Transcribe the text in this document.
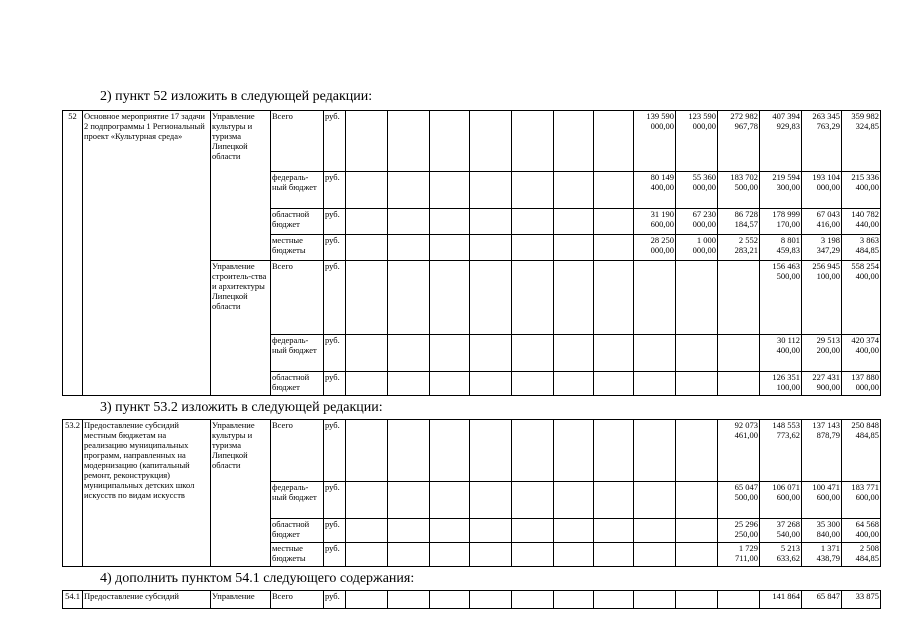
2) пункт 52 изложить в следующей редакции:
52	Основное мероприятие 17 задачи 2 подпрограммы 1 Региональный проект «Культурная среда»	Управление культуры и туризма Липецкой области	Всего	руб.								139 590 000,00	123 590 000,00	272 982 967,78	407 394 929,83	263 345 763,29	359 982 324,85
			федераль-ный бюджет	руб.								80 149 400,00	55 360 000,00	183 702 500,00	219 594 300,00	193 104 000,00	215 336 400,00
			областной бюджет	руб.								31 190 600,00	67 230 000,00	86 728 184,57	178 999 170,00	67 043 416,00	140 782 440,00
			местные бюджеты	руб.								28 250 000,00	1 000 000,00	2 552 283,21	8 801 459,83	3 198 347,29	3 863 484,85
		Управление строитель-ства и архитектуры Липецкой области	Всего	руб.											156 463 500,00	256 945 100,00	558 254 400,00
			федераль-ный бюджет	руб.											30 112 400,00	29 513 200,00	420 374 400,00
			областной бюджет	руб.											126 351 100,00	227 431 900,00	137 880 000,00
3) пункт 53.2 изложить в следующей редакции:
53.2	Предоставление субсидий местным бюджетам на реализацию муниципальных программ, направленных на модернизацию (капитальный ремонт, реконструкция) муниципальных детских школ искусств по видам искусств	Управление культуры и туризма Липецкой области	Всего	руб.										92 073 461,00	148 553 773,62	137 143 878,79	250 848 484,85
			федераль-ный бюджет	руб.										65 047 500,00	106 071 600,00	100 471 600,00	183 771 600,00
			областной бюджет	руб.										25 296 250,00	37 268 540,00	35 300 840,00	64 568 400,00
			местные бюджеты	руб.										1 729 711,00	5 213 633,62	1 371 438,79	2 508 484,85
4) дополнить пунктом 54.1 следующего содержания:
54.1	Предоставление субсидий	Управление	Всего	руб.											141 864	65 847	33 875
